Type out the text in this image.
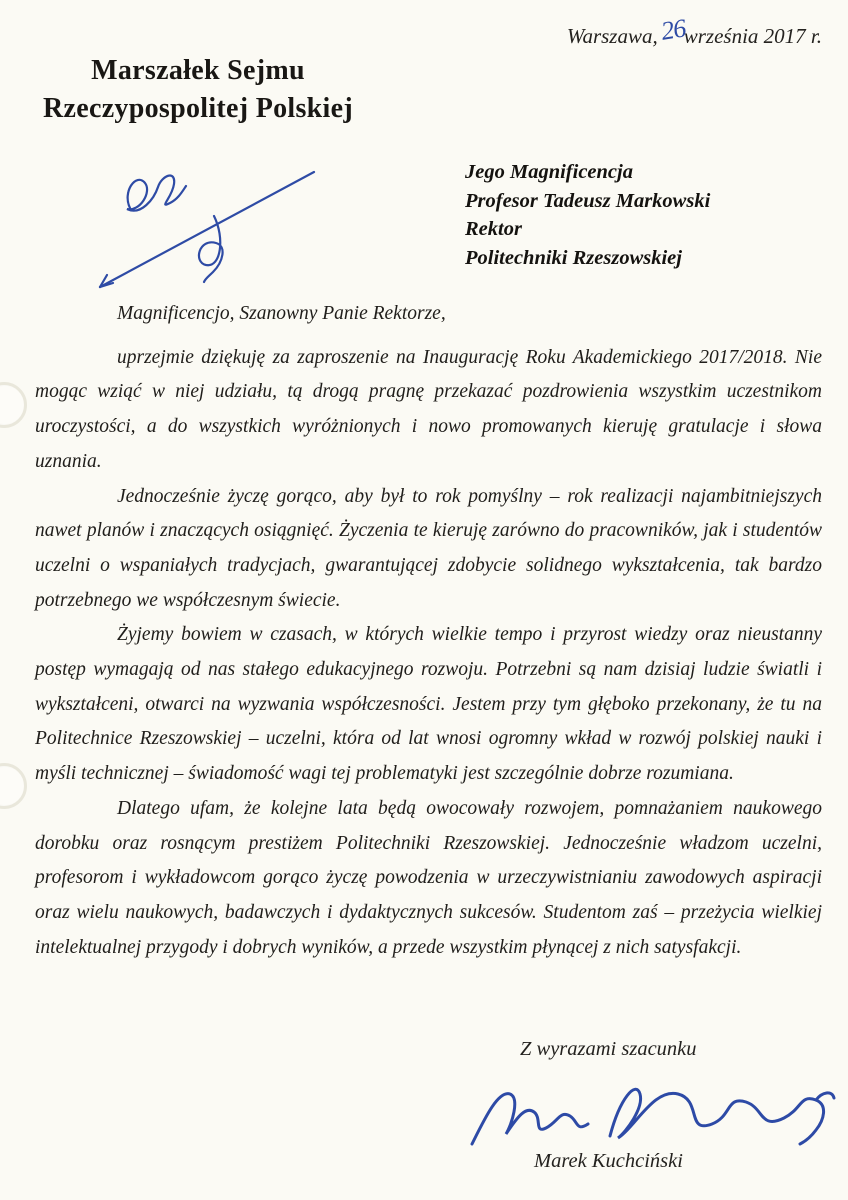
Warszawa,26września 2017 r.
Marszałek Sejmu
Rzeczypospolitej Polskiej
Jego Magnificencja
Profesor Tadeusz Markowski
Rektor
Politechniki Rzeszowskiej

Magnificencjo, Szanowny Panie Rektorze,

uprzejmie dziękuję za zaproszenie na Inaugurację Roku Akademickiego 2017/2018. Nie mogąc wziąć w niej udziału, tą drogą pragnę przekazać pozdrowienia wszystkim uczestnikom uroczystości, a do wszystkich wyróżnionych i nowo promowanych kieruję gratulacje i słowa uznania.

Jednocześnie życzę gorąco, aby był to rok pomyślny – rok realizacji najambitniejszych nawet planów i znaczących osiągnięć. Życzenia te kieruję zarówno do pracowników, jak i studentów uczelni o wspaniałych tradycjach, gwarantującej zdobycie solidnego wykształcenia, tak bardzo potrzebnego we współczesnym świecie.

Żyjemy bowiem w czasach, w których wielkie tempo i przyrost wiedzy oraz nieustanny postęp wymagają od nas stałego edukacyjnego rozwoju. Potrzebni są nam dzisiaj ludzie światli i wykształceni, otwarci na wyzwania współczesności. Jestem przy tym głęboko przekonany, że tu na Politechnice Rzeszowskiej – uczelni, która od lat wnosi ogromny wkład w rozwój polskiej nauki i myśli technicznej – świadomość wagi tej problematyki jest szczególnie dobrze rozumiana.

Dlatego ufam, że kolejne lata będą owocowały rozwojem, pomnażaniem naukowego dorobku oraz rosnącym prestiżem Politechniki Rzeszowskiej. Jednocześnie władzom uczelni, profesorom i wykładowcom gorąco życzę powodzenia w urzeczywistnianiu zawodowych aspiracji oraz wielu naukowych, badawczych i dydaktycznych sukcesów. Studentom zaś – przeżycia wielkiej intelektualnej przygody i dobrych wyników, a przede wszystkim płynącej z nich satysfakcji.

Z wyrazami szacunku
Marek Kuchciński
